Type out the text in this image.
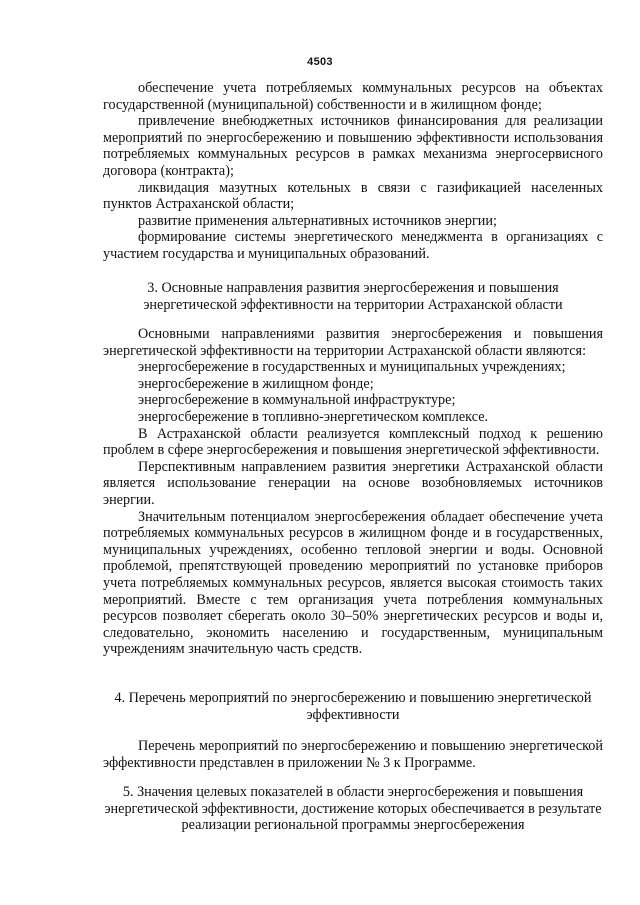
4503

обеспечение учета потребляемых коммунальных ресурсов на объектах государственной (муниципальной) собственности и в жилищном фонде;

привлечение внебюджетных источников финансирования для реализации мероприятий по энергосбережению и повышению эффективности использования потребляемых коммунальных ресурсов в рамках механизма энергосервисного договора (контракта);

ликвидация мазутных котельных в связи с газификацией населенных пунктов Астраханской области;

развитие применения альтернативных источников энергии;

формирование системы энергетического менеджмента в организациях с участием государства и муниципальных образований.

3. Основные направления развития энергосбережения и повышения энергетической эффективности на территории Астраханской области

Основными направлениями развития энергосбережения и повышения энергетической эффективности на территории Астраханской области являются:

энергосбережение в государственных и муниципальных учреждениях;

энергосбережение в жилищном фонде;

энергосбережение в коммунальной инфраструктуре;

энергосбережение в топливно-энергетическом комплексе.

В Астраханской области реализуется комплексный подход к решению проблем в сфере энергосбережения и повышения энергетической эффективности.

Перспективным направлением развития энергетики Астраханской области является использование генерации на основе возобновляемых источников энергии.

Значительным потенциалом энергосбережения обладает обеспечение учета потребляемых коммунальных ресурсов в жилищном фонде и в государственных, муниципальных учреждениях, особенно тепловой энергии и воды. Основной проблемой, препятствующей проведению мероприятий по установке приборов учета потребляемых коммунальных ресурсов, является высокая стоимость таких мероприятий. Вместе с тем организация учета потребления коммунальных ресурсов позволяет сберегать около 30–50% энергетических ресурсов и воды и, следовательно, экономить населению и государственным, муниципальным учреждениям значительную часть средств.

4. Перечень мероприятий по энергосбережению и повышению энергетической эффективности

Перечень мероприятий по энергосбережению и повышению энергетической эффективности представлен в приложении № 3 к Программе.

5. Значения целевых показателей в области энергосбережения и повышения энергетической эффективности, достижение которых обеспечивается в результате реализации региональной программы энергосбережения
